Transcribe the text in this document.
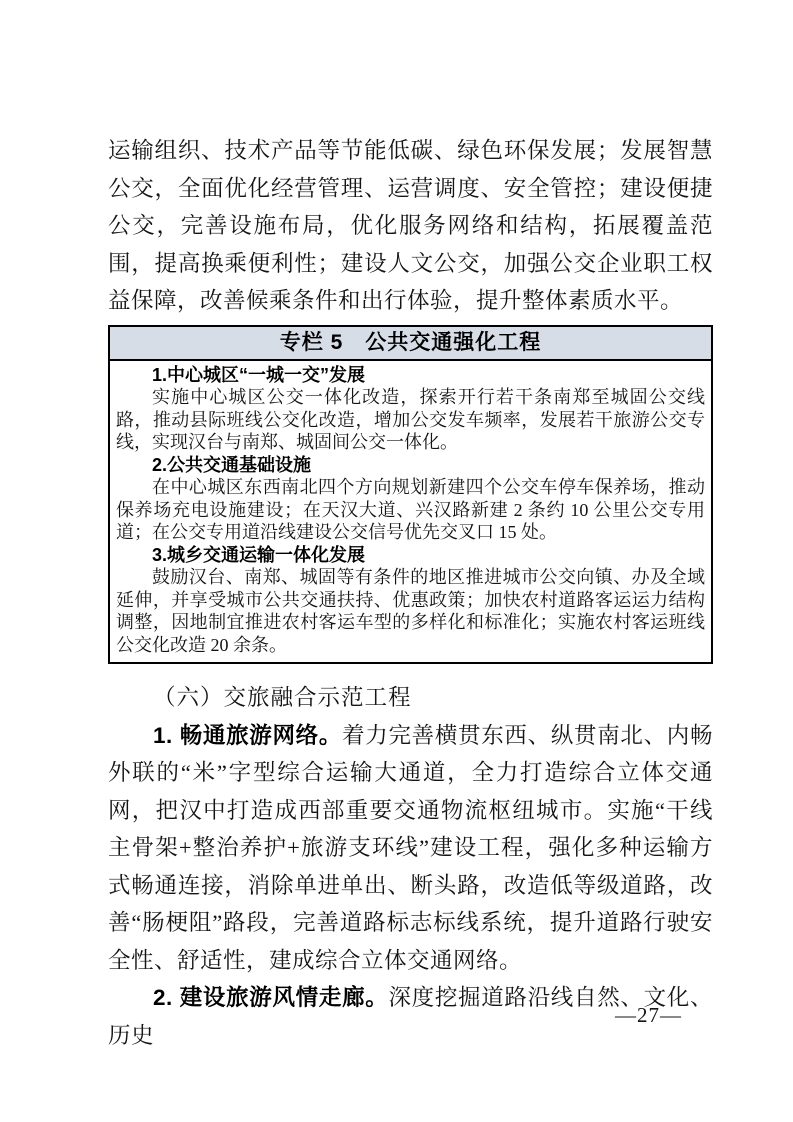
运输组织、技术产品等节能低碳、绿色环保发展；发展智慧公交，全面优化经营管理、运营调度、安全管控；建设便捷公交，完善设施布局，优化服务网络和结构，拓展覆盖范围，提高换乘便利性；建设人文公交，加强公交企业职工权益保障，改善候乘条件和出行体验，提升整体素质水平。

专栏 5　公共交通强化工程
1.中心城区“一城一交”发展

实施中心城区公交一体化改造，探索开行若干条南郑至城固公交线路，推动县际班线公交化改造，增加公交发车频率，发展若干旅游公交专线，实现汉台与南郑、城固间公交一体化。

2.公共交通基础设施

在中心城区东西南北四个方向规划新建四个公交车停车保养场，推动保养场充电设施建设；在天汉大道、兴汉路新建 2 条约 10 公里公交专用道；在公交专用道沿线建设公交信号优先交叉口 15 处。

3.城乡交通运输一体化发展

鼓励汉台、南郑、城固等有条件的地区推进城市公交向镇、办及全域延伸，并享受城市公共交通扶持、优惠政策；加快农村道路客运运力结构调整，因地制宜推进农村客运车型的多样化和标准化；实施农村客运班线公交化改造 20 余条。

（六）交旅融合示范工程

1. 畅通旅游网络。着力完善横贯东西、纵贯南北、内畅外联的“米”字型综合运输大通道，全力打造综合立体交通网，把汉中打造成西部重要交通物流枢纽城市。实施“干线主骨架+整治养护+旅游支环线”建设工程，强化多种运输方式畅通连接，消除单进单出、断头路，改造低等级道路，改善“肠梗阻”路段，完善道路标志标线系统，提升道路行驶安全性、舒适性，建成综合立体交通网络。

2. 建设旅游风情走廊。深度挖掘道路沿线自然、文化、历史

—27—
